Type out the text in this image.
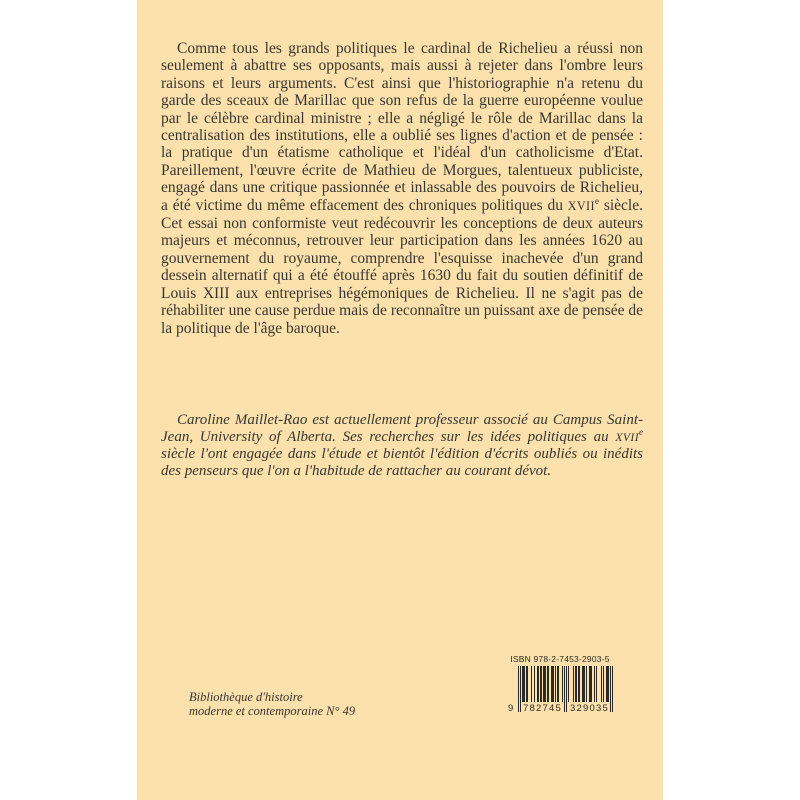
Comme tous les grands politiques le cardinal de Richelieu a réussi non seulement à abattre ses opposants, mais aussi à rejeter dans l'ombre leurs raisons et leurs arguments. C'est ainsi que l'historiographie n'a retenu du garde des sceaux de Marillac que son refus de la guerre européenne voulue par le célèbre cardinal ministre ; elle a négligé le rôle de Marillac dans la centralisation des institutions, elle a oublié ses lignes d'action et de pensée : la pratique d'un étatisme catholique et l'idéal d'un catholicisme d'Etat. Pareillement, l'œuvre écrite de Mathieu de Morgues, talentueux publiciste, engagé dans une critique passionnée et inlassable des pouvoirs de Richelieu, a été victime du même effacement des chroniques politiques du XVIIe siècle. Cet essai non conformiste veut redécouvrir les conceptions de deux auteurs majeurs et méconnus, retrouver leur participation dans les années 1620 au gouvernement du royaume, comprendre l'esquisse inachevée d'un grand dessein alternatif qui a été étouffé après 1630 du fait du soutien définitif de Louis XIII aux entreprises hégémoniques de Richelieu. Il ne s'agit pas de réhabiliter une cause perdue mais de reconnaître un puissant axe de pensée de la politique de l'âge baroque.

Caroline Maillet-Rao est actuellement professeur associé au Campus Saint-Jean, University of Alberta. Ses recherches sur les idées politiques au XVIIe siècle l'ont engagée dans l'étude et bientôt l'édition d'écrits oubliés ou inédits des penseurs que l'on a l'habitude de rattacher au courant dévot.

Bibliothèque d'histoire
moderne et contemporaine N° 49

ISBN 978-2-7453-2903-5
9 782745 329035
